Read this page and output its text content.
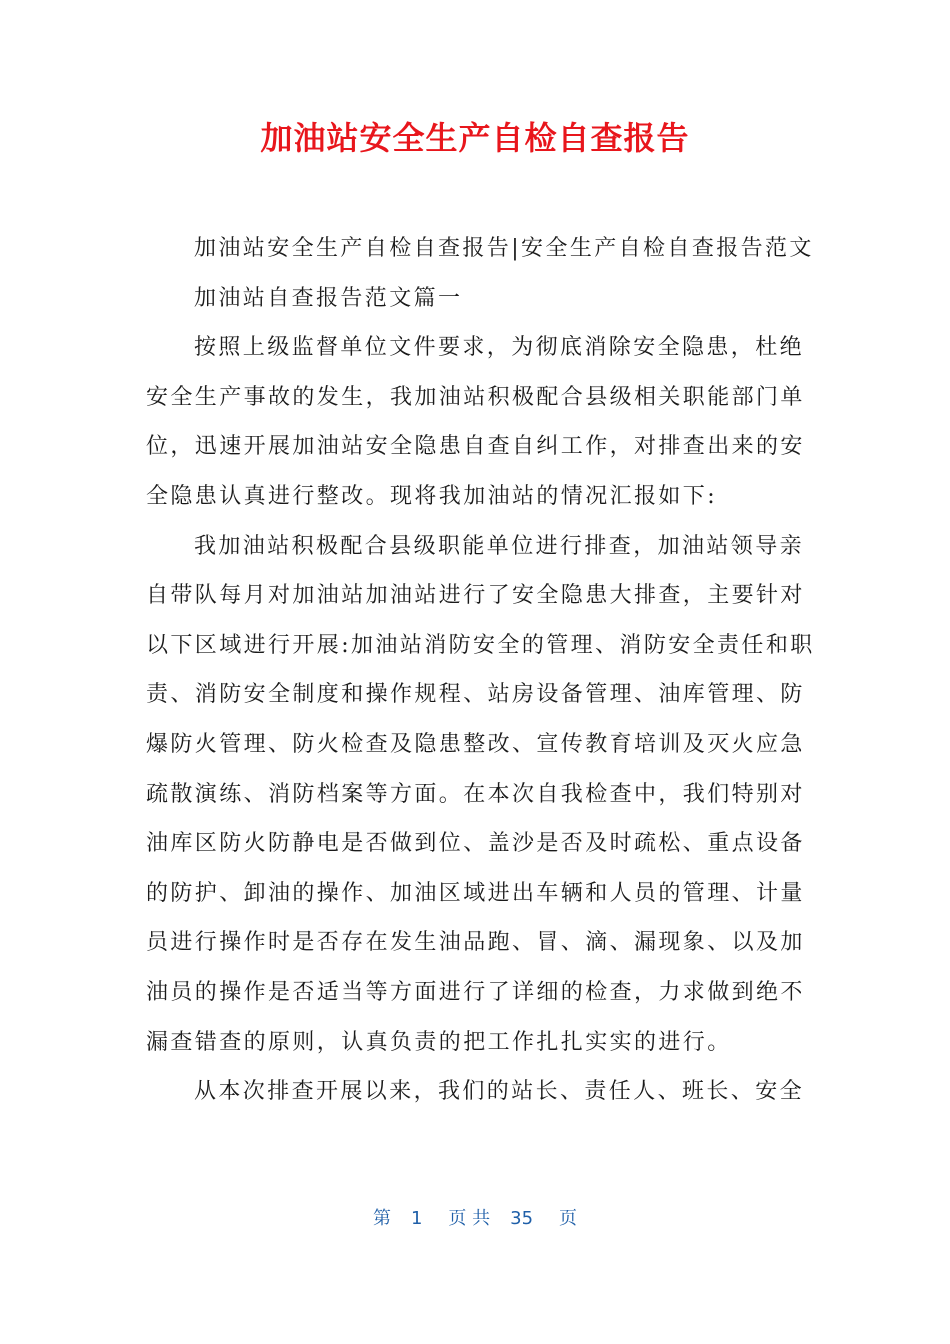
加油站安全生产自检自查报告
加油站安全生产自检自查报告|安全生产自检自查报告范文
加油站自查报告范文篇一
按照上级监督单位文件要求，为彻底消除安全隐患，杜绝
安全生产事故的发生，我加油站积极配合县级相关职能部门单
位，迅速开展加油站安全隐患自查自纠工作，对排查出来的安
全隐患认真进行整改。现将我加油站的情况汇报如下:
我加油站积极配合县级职能单位进行排查，加油站领导亲
自带队每月对加油站加油站进行了安全隐患大排查，主要针对
以下区域进行开展:加油站消防安全的管理、消防安全责任和职
责、消防安全制度和操作规程、站房设备管理、油库管理、防
爆防火管理、防火检查及隐患整改、宣传教育培训及灭火应急
疏散演练、消防档案等方面。在本次自我检查中，我们特别对
油库区防火防静电是否做到位、盖沙是否及时疏松、重点设备
的防护、卸油的操作、加油区域进出车辆和人员的管理、计量
员进行操作时是否存在发生油品跑、冒、滴、漏现象、以及加
油员的操作是否适当等方面进行了详细的检查，力求做到绝不
漏查错查的原则，认真负责的把工作扎扎实实的进行。
从本次排查开展以来，我们的站长、责任人、班长、安全
第 1 页 共 35 页
